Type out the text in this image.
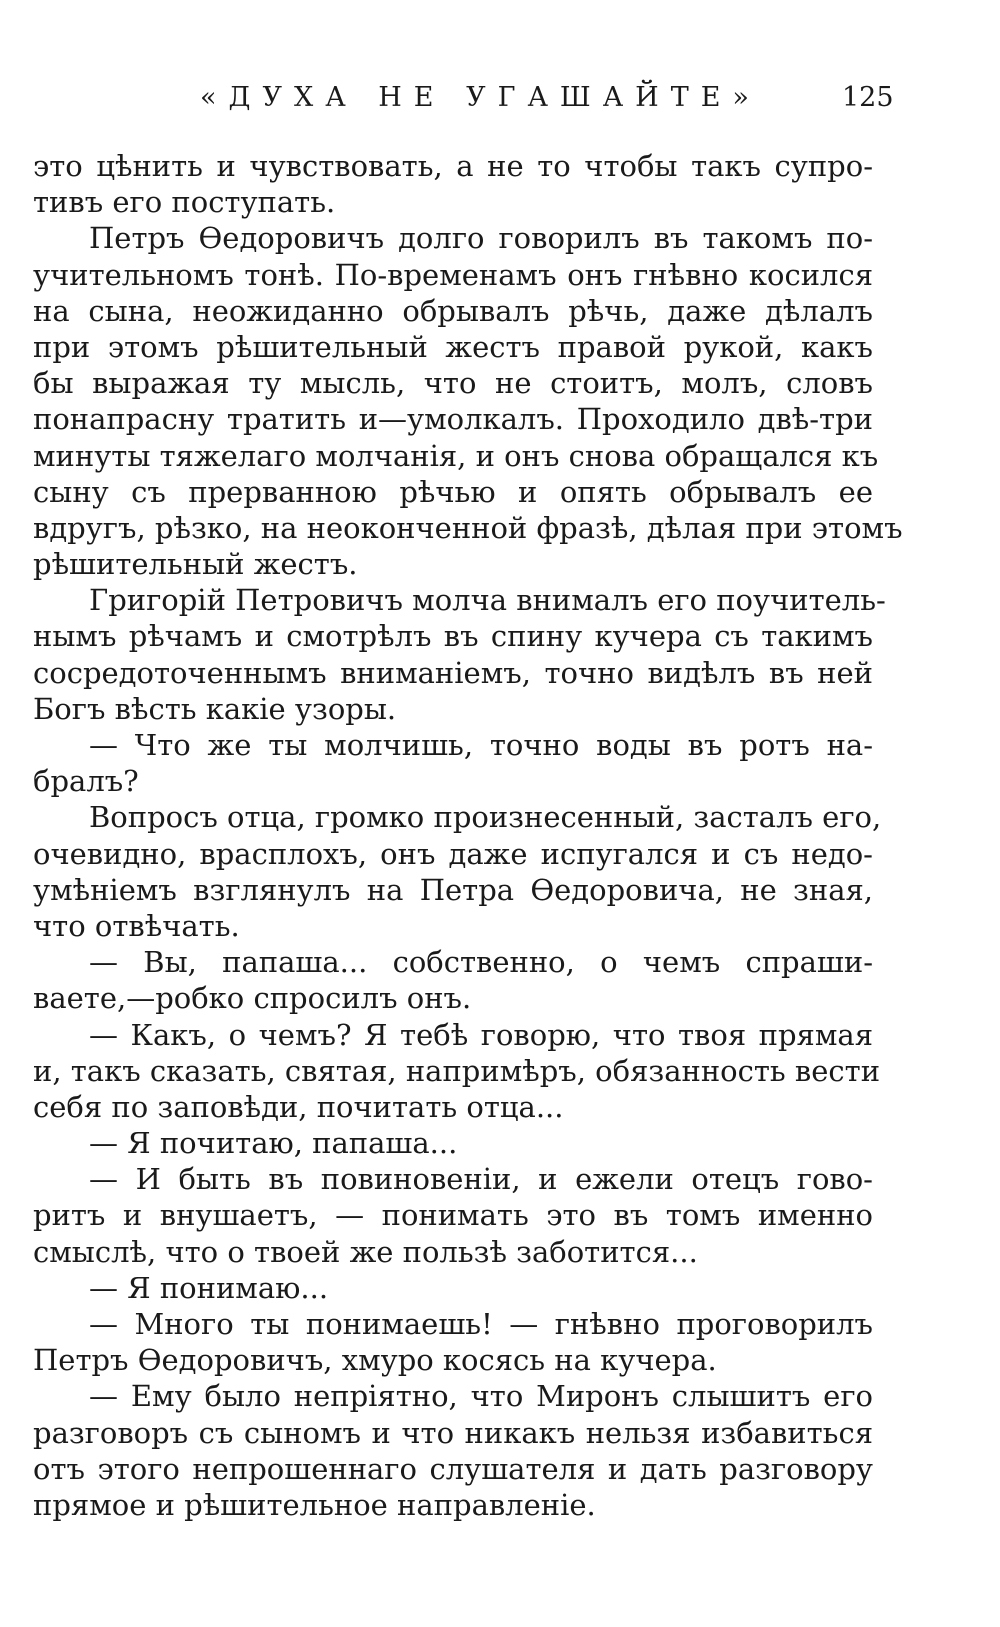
«ДУХА НЕ УГАШАЙТЕ»	125
это цѣнить и чувствовать, а не то чтобы такъ супро-
тивъ его поступать.
Петръ Ѳедоровичъ долго говорилъ въ такомъ по-
учительномъ тонѣ. По-временамъ онъ гнѣвно косился
на сына, неожиданно обрывалъ рѣчь, даже дѣлалъ
при этомъ рѣшительный жестъ правой рукой, какъ
бы выражая ту мысль, что не стоитъ, молъ, словъ
понапрасну тратить и—умолкалъ. Проходило двѣ-три
минуты тяжелаго молчанія, и онъ снова обращался къ
сыну съ прерванною рѣчью и опять обрывалъ ее
вдругъ, рѣзко, на неоконченной фразѣ, дѣлая при этомъ
рѣшительный жестъ.
Григорій Петровичъ молча внималъ его поучитель-
нымъ рѣчамъ и смотрѣлъ въ спину кучера съ такимъ
сосредоточеннымъ вниманіемъ, точно видѣлъ въ ней
Богъ вѣсть какіе узоры.
— Что же ты молчишь, точно воды въ ротъ на-
бралъ?
Вопросъ отца, громко произнесенный, засталъ его,
очевидно, врасплохъ, онъ даже испугался и съ недо-
умѣніемъ взглянулъ на Петра Ѳедоровича, не зная,
что отвѣчать.
— Вы, папаша... собственно, о чемъ спраши-
ваете,—робко спросилъ онъ.
— Какъ, о чемъ? Я тебѣ говорю, что твоя прямая
и, такъ сказать, святая, напримѣръ, обязанность вести
себя по заповѣди, почитать отца...
— Я почитаю, папаша...
— И быть въ повиновеніи, и ежели отецъ гово-
ритъ и внушаетъ, — понимать это въ томъ именно
смыслѣ, что о твоей же пользѣ заботится...
— Я понимаю...
— Много ты понимаешь! — гнѣвно проговорилъ
Петръ Ѳедоровичъ, хмуро косясь на кучера.
— Ему было непріятно, что Миронъ слышитъ его
разговоръ съ сыномъ и что никакъ нельзя избавиться
отъ этого непрошеннаго слушателя и дать разговору
прямое и рѣшительное направленіе.
